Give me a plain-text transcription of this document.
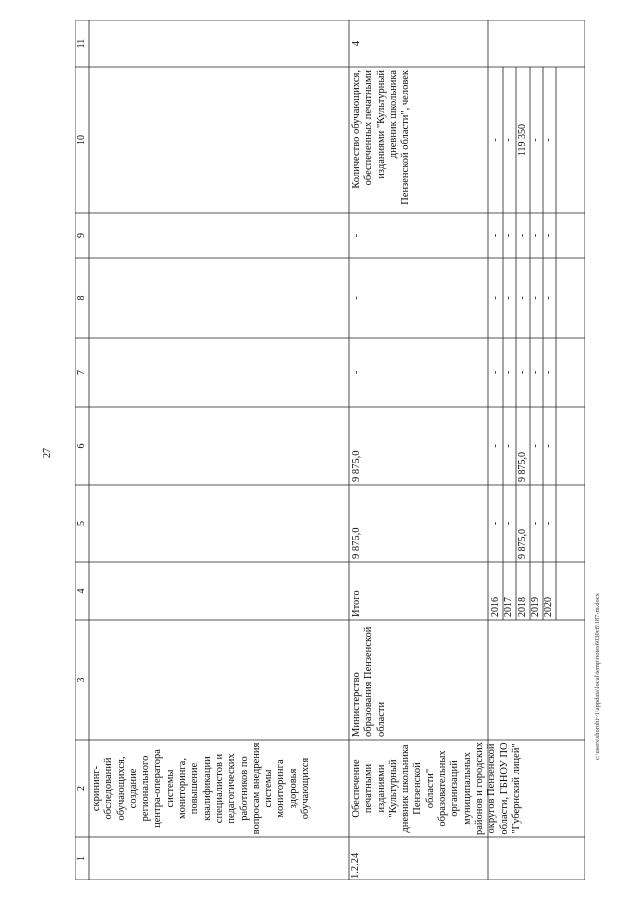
27
c:\users\shorohi~1\appdata\local\temp\notes6030c8\187-m.docx
1
2
3
4
5
6
7
8
9
10
11
скрининг-обследований обучающихся, создание регионального центра-оператора системы мониторинга, повышение квалификации специалистов и педагогических работников по вопросам внедрения системы мониторинга здоровья обучающихся
1.2.24
Обеспечение печатными изданиями "Культурный дневник школьника Пензенской области" образовательных организаций муниципальных районов и городских округов Пензенской области, ГБНОУ ПО "Губернский лицей"
Министерство образования Пензенской области
Итого
9 875,0
9 875,0
-
-
-
Количество обучающихся, обеспеченных печатными изданиями "Культурный дневник школьника Пензенской области", человек
4
2016
-
-
-
-
-
-
2017
-
-
-
-
-
-
2018
9 875,0
9 875,0
-
-
-
119 350
2019
-
-
-
-
-
-
2020
-
-
-
-
-
-
